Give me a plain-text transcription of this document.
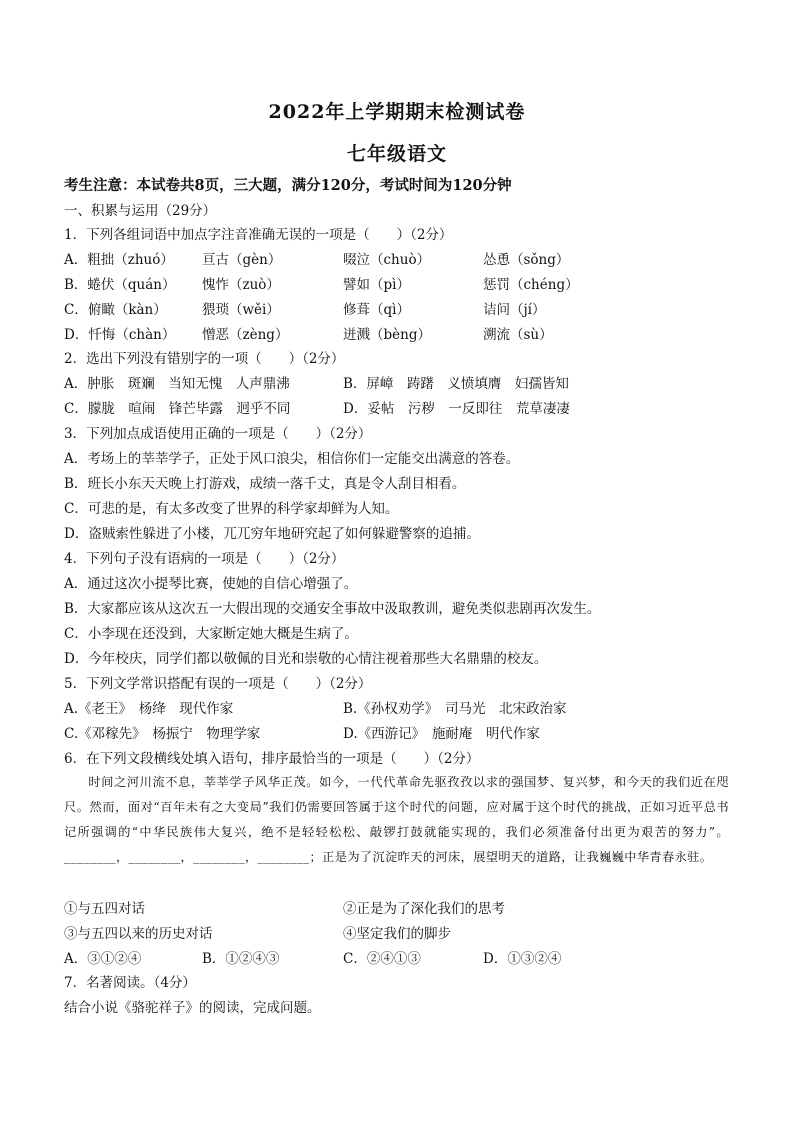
2022年上学期期末检测试卷
七年级语文
考生注意：本试卷共8页，三大题，满分120分，考试时间为120分钟
一、积累与运用（29分）
1．下列各组词语中加点字注音准确无误的一项是（　　）（2分）
A．粗拙（zhuó） 亘古（gèn）	啜泣（chuò）	怂恿（sǒng）
B．蜷伏（quán） 愧怍（zuò）	譬如（pì）	惩罚（chéng）
C．俯瞰（kàn）	猥琐（wěi）	修葺（qì）	诘问（jí）
D．忏悔（chàn） 憎恶（zèng）	迸溅（bèng）	溯流（sù）
2．选出下列没有错别字的一项（　　）（2分）
A．肿胀　斑斓　当知无愧　人声鼎沸	B．屏嶂　踌躇　义愤填膺　妇孺皆知
C．朦胧　喧闹　锋芒毕露　迥乎不同	D．妥帖　污秽　一反即往　荒草凄凄
3．下列加点成语使用正确的一项是（　　）（2分）
A．考场上的莘莘学子，正处于风口浪尖，相信你们一定能交出满意的答卷。
B．班长小东天天晚上打游戏，成绩一落千丈，真是令人刮目相看。
C．可悲的是，有太多改变了世界的科学家却鲜为人知。
D．盗贼索性躲进了小楼，兀兀穷年地研究起了如何躲避警察的追捕。
4．下列句子没有语病的一项是（　　）（2分）
A．通过这次小提琴比赛，使她的自信心增强了。
B．大家都应该从这次五一大假出现的交通安全事故中汲取教训，避免类似悲剧再次发生。
C．小李现在还没到，大家断定她大概是生病了。
D．今年校庆，同学们都以敬佩的目光和崇敬的心情注视着那些大名鼎鼎的校友。
5．下列文学常识搭配有误的一项是（　　）（2分）
A.《老王》　杨绛　现代作家	B.《孙权劝学》　司马光　北宋政治家
C.《邓稼先》　杨振宁　物理学家	D.《西游记》　施耐庵　明代作家
6．在下列文段横线处填入语句，排序最恰当的一项是（　　）（2分）
时间之河川流不息，莘莘学子风华正茂。如今，一代代革命先驱孜孜以求的强国梦、复兴梦，和今天的我们近在咫尺。然而，面对“百年未有之大变局”我们仍需要回答属于这个时代的问题，应对属于这个时代的挑战，正如习近平总书记所强调的“中华民族伟大复兴，绝不是轻轻松松、敲锣打鼓就能实现的，我们必须准备付出更为艰苦的努力”。________，________，________，________；正是为了沉淀昨天的河床，展望明天的道路，让我巍巍中华青春永驻。
①与五四对话	②正是为了深化我们的思考
③与五四以来的历史对话	④坚定我们的脚步
A．③①②④	B．①②④③	C．②④①③	D．①③②④
7．名著阅读。（4分）
结合小说《骆驼祥子》的阅读，完成问题。
